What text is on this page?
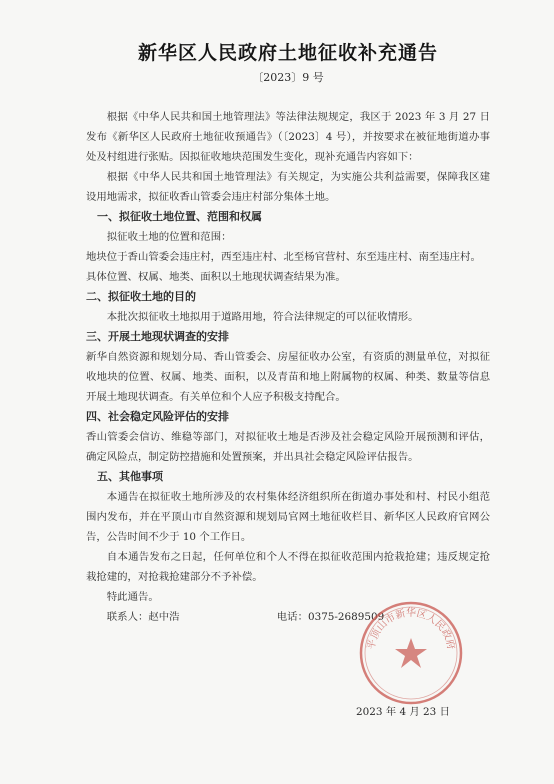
新华区人民政府土地征收补充通告
〔2023〕9 号

根据《中华人民共和国土地管理法》等法律法规规定，我区于 2023 年 3 月 27 日发布《新华区人民政府土地征收预通告》（〔2023〕4 号），并按要求在被征地街道办事处及村组进行张贴。因拟征收地块范围发生变化，现补充通告内容如下：

根据《中华人民共和国土地管理法》有关规定，为实施公共利益需要，保障我区建设用地需求，拟征收香山管委会违庄村部分集体土地。

一、拟征收土地位置、范围和权属

拟征收土地的位置和范围：

地块位于香山管委会违庄村，西至违庄村、北至杨官营村、东至违庄村、南至违庄村。

具体位置、权属、地类、面积以土地现状调查结果为准。

二、拟征收土地的目的

本批次拟征收土地拟用于道路用地，符合法律规定的可以征收情形。

三、开展土地现状调查的安排

新华自然资源和规划分局、香山管委会、房屋征收办公室，有资质的测量单位，对拟征收地块的位置、权属、地类、面积，以及青苗和地上附属物的权属、种类、数量等信息开展土地现状调查。有关单位和个人应予积极支持配合。

四、社会稳定风险评估的安排

香山管委会信访、维稳等部门，对拟征收土地是否涉及社会稳定风险开展预测和评估，确定风险点，制定防控措施和处置预案，并出具社会稳定风险评估报告。

五、其他事项

本通告在拟征收土地所涉及的农村集体经济组织所在街道办事处和村、村民小组范围内发布，并在平顶山市自然资源和规划局官网土地征收栏目、新华区人民政府官网公告，公告时间不少于 10 个工作日。

自本通告发布之日起，任何单位和个人不得在拟征收范围内抢栽抢建；违反规定抢栽抢建的，对抢栽抢建部分不予补偿。

特此通告。

联系人：赵中浩	电话：0375-2689509
平顶山市新华区人民政府
2023 年 4 月 23 日
